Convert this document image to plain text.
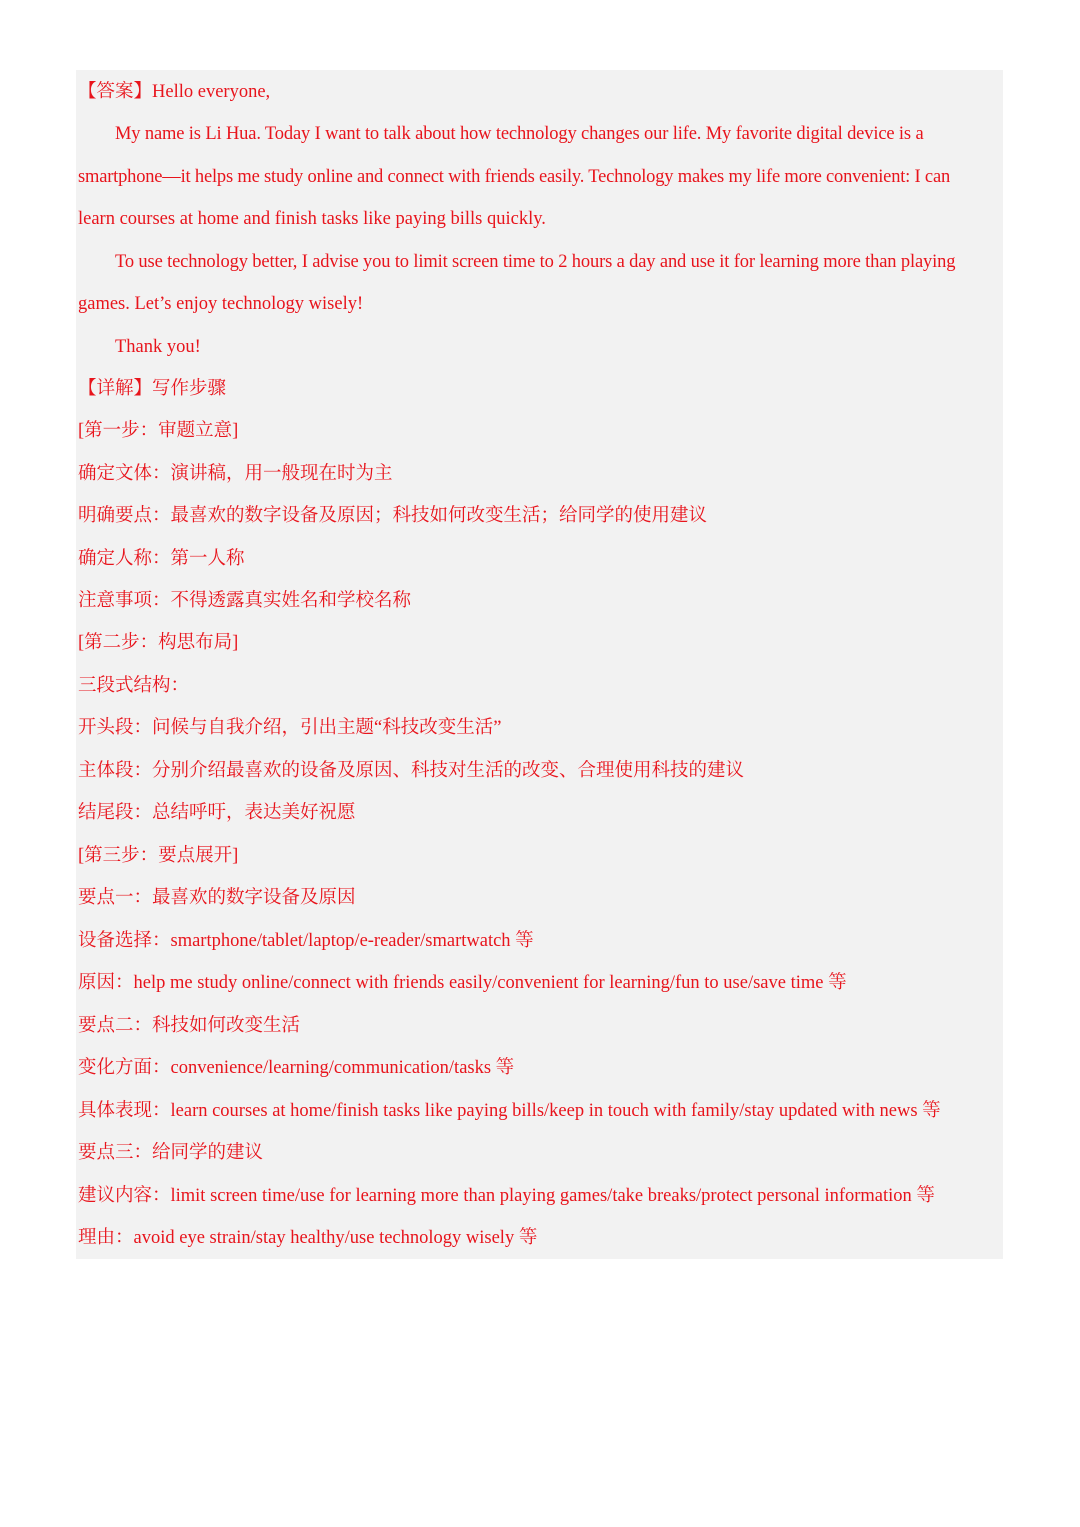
【答案】Hello everyone,
My name is Li Hua. Today I want to talk about how technology changes our life. My favorite digital device is a
smartphone—it helps me study online and connect with friends easily. Technology makes my life more convenient: I can
learn courses at home and finish tasks like paying bills quickly.
To use technology better, I advise you to limit screen time to 2 hours a day and use it for learning more than playing
games. Let’s enjoy technology wisely!
Thank you!
【详解】写作步骤
[第一步：审题立意]
确定文体：演讲稿，用一般现在时为主
明确要点：最喜欢的数字设备及原因；科技如何改变生活；给同学的使用建议
确定人称：第一人称
注意事项：不得透露真实姓名和学校名称
[第二步：构思布局]
三段式结构：
开头段：问候与自我介绍，引出主题“科技改变生活”
主体段：分别介绍最喜欢的设备及原因、科技对生活的改变、合理使用科技的建议
结尾段：总结呼吁，表达美好祝愿
[第三步：要点展开]
要点一：最喜欢的数字设备及原因
设备选择：smartphone/tablet/laptop/e-reader/smartwatch 等
原因：help me study online/connect with friends easily/convenient for learning/fun to use/save time 等
要点二：科技如何改变生活
变化方面：convenience/learning/communication/tasks 等
具体表现：learn courses at home/finish tasks like paying bills/keep in touch with family/stay updated with news 等
要点三：给同学的建议
建议内容：limit screen time/use for learning more than playing games/take breaks/protect personal information 等
理由：avoid eye strain/stay healthy/use technology wisely 等
